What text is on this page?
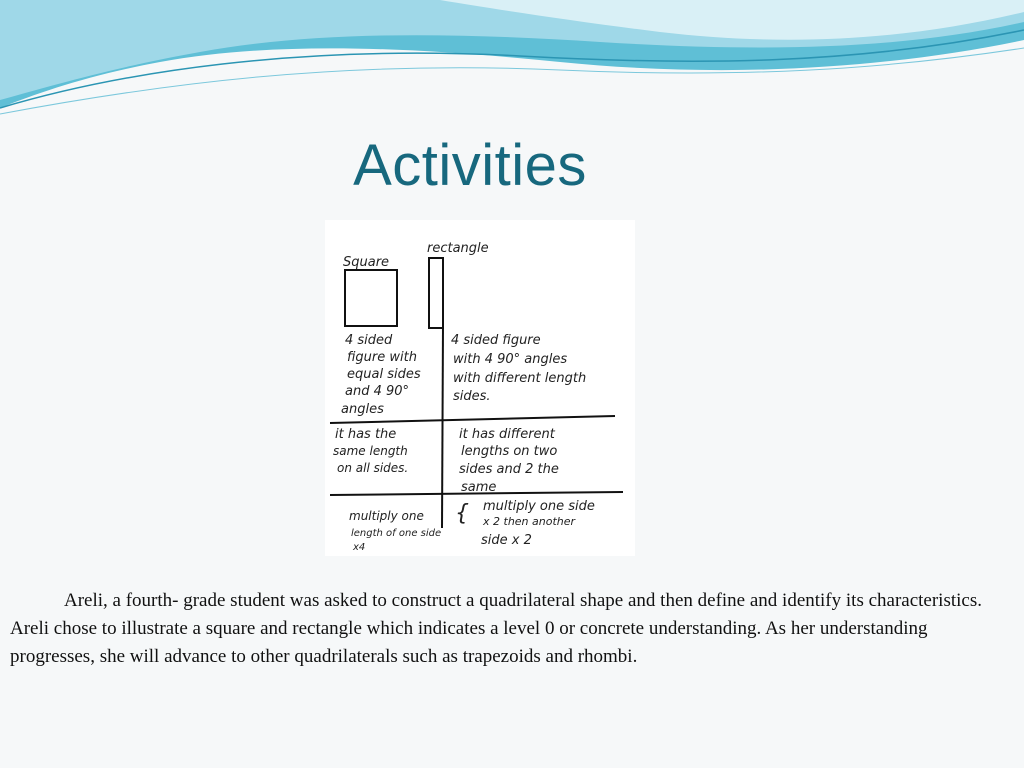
Activities
Square
rectangle
4 sided
figure with
equal sides
and 4 90°
angles
4 sided figure
with 4 90° angles
with different length
sides.
it has the
same length
on all sides.
it has different
lengths on two
sides and 2 the
same
multiply one
length of one side
x4
multiply one side
x 2 then another
side x 2
{

Areli, a fourth- grade student was asked to construct a quadrilateral shape and then define and identify its characteristics. Areli chose to illustrate a square and rectangle which indicates a level 0 or concrete understanding. As her understanding progresses, she will advance to other quadrilaterals such as trapezoids and rhombi.
